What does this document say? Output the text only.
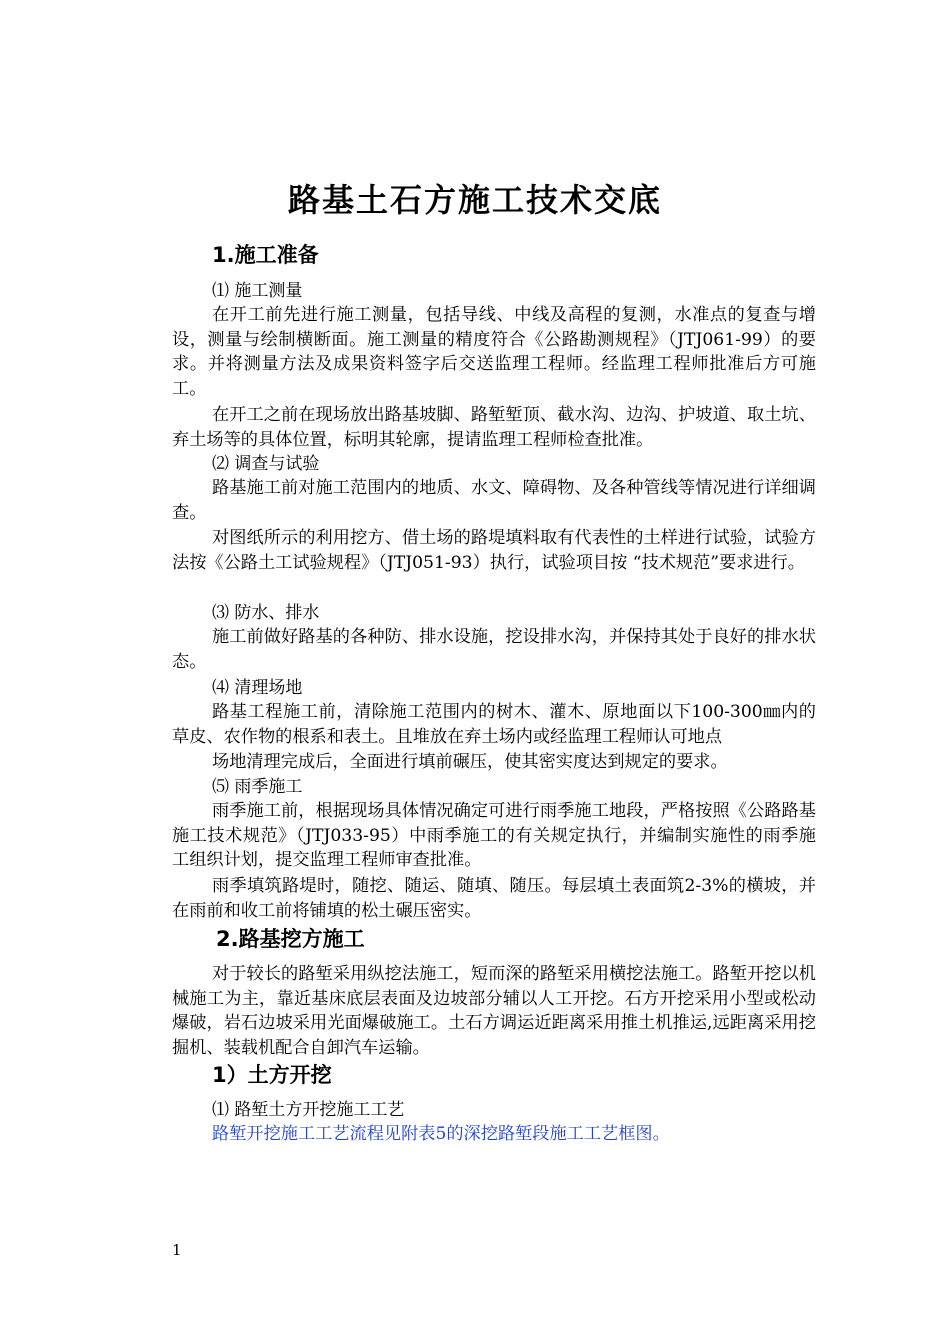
路基土石方施工技术交底
1.施工准备
⑴ 施工测量
在开工前先进行施工测量，包括导线、中线及高程的复测，水准点的复查与增设，测量与绘制横断面。施工测量的精度符合《公路勘测规程》（JTJ061-99）的要求。并将测量方法及成果资料签字后交送监理工程师。经监理工程师批准后方可施工。
在开工之前在现场放出路基坡脚、路堑堑顶、截水沟、边沟、护坡道、取土坑、弃土场等的具体位置，标明其轮廓，提请监理工程师检查批准。
⑵ 调查与试验
路基施工前对施工范围内的地质、水文、障碍物、及各种管线等情况进行详细调查。
对图纸所示的利用挖方、借土场的路堤填料取有代表性的土样进行试验，试验方法按《公路土工试验规程》（JTJ051-93）执行，试验项目按 “技术规范”要求进行。
⑶ 防水、排水
施工前做好路基的各种防、排水设施，挖设排水沟，并保持其处于良好的排水状态。
⑷ 清理场地
路基工程施工前，清除施工范围内的树木、灌木、原地面以下100-300㎜内的草皮、农作物的根系和表土。且堆放在弃土场内或经监理工程师认可地点
场地清理完成后，全面进行填前碾压，使其密实度达到规定的要求。
⑸ 雨季施工
雨季施工前，根据现场具体情况确定可进行雨季施工地段，严格按照《公路路基施工技术规范》（JTJ033-95）中雨季施工的有关规定执行，并编制实施性的雨季施工组织计划，提交监理工程师审查批准。
雨季填筑路堤时，随挖、随运、随填、随压。每层填土表面筑2-3%的横坡，并在雨前和收工前将铺填的松土碾压密实。
2.路基挖方施工
对于较长的路堑采用纵挖法施工，短而深的路堑采用横挖法施工。路堑开挖以机械施工为主，靠近基床底层表面及边坡部分辅以人工开挖。石方开挖采用小型或松动爆破，岩石边坡采用光面爆破施工。土石方调运近距离采用推土机推运,远距离采用挖掘机、装载机配合自卸汽车运输。
1）土方开挖
⑴ 路堑土方开挖施工工艺
路堑开挖施工工艺流程见附表5的深挖路堑段施工工艺框图。
1
